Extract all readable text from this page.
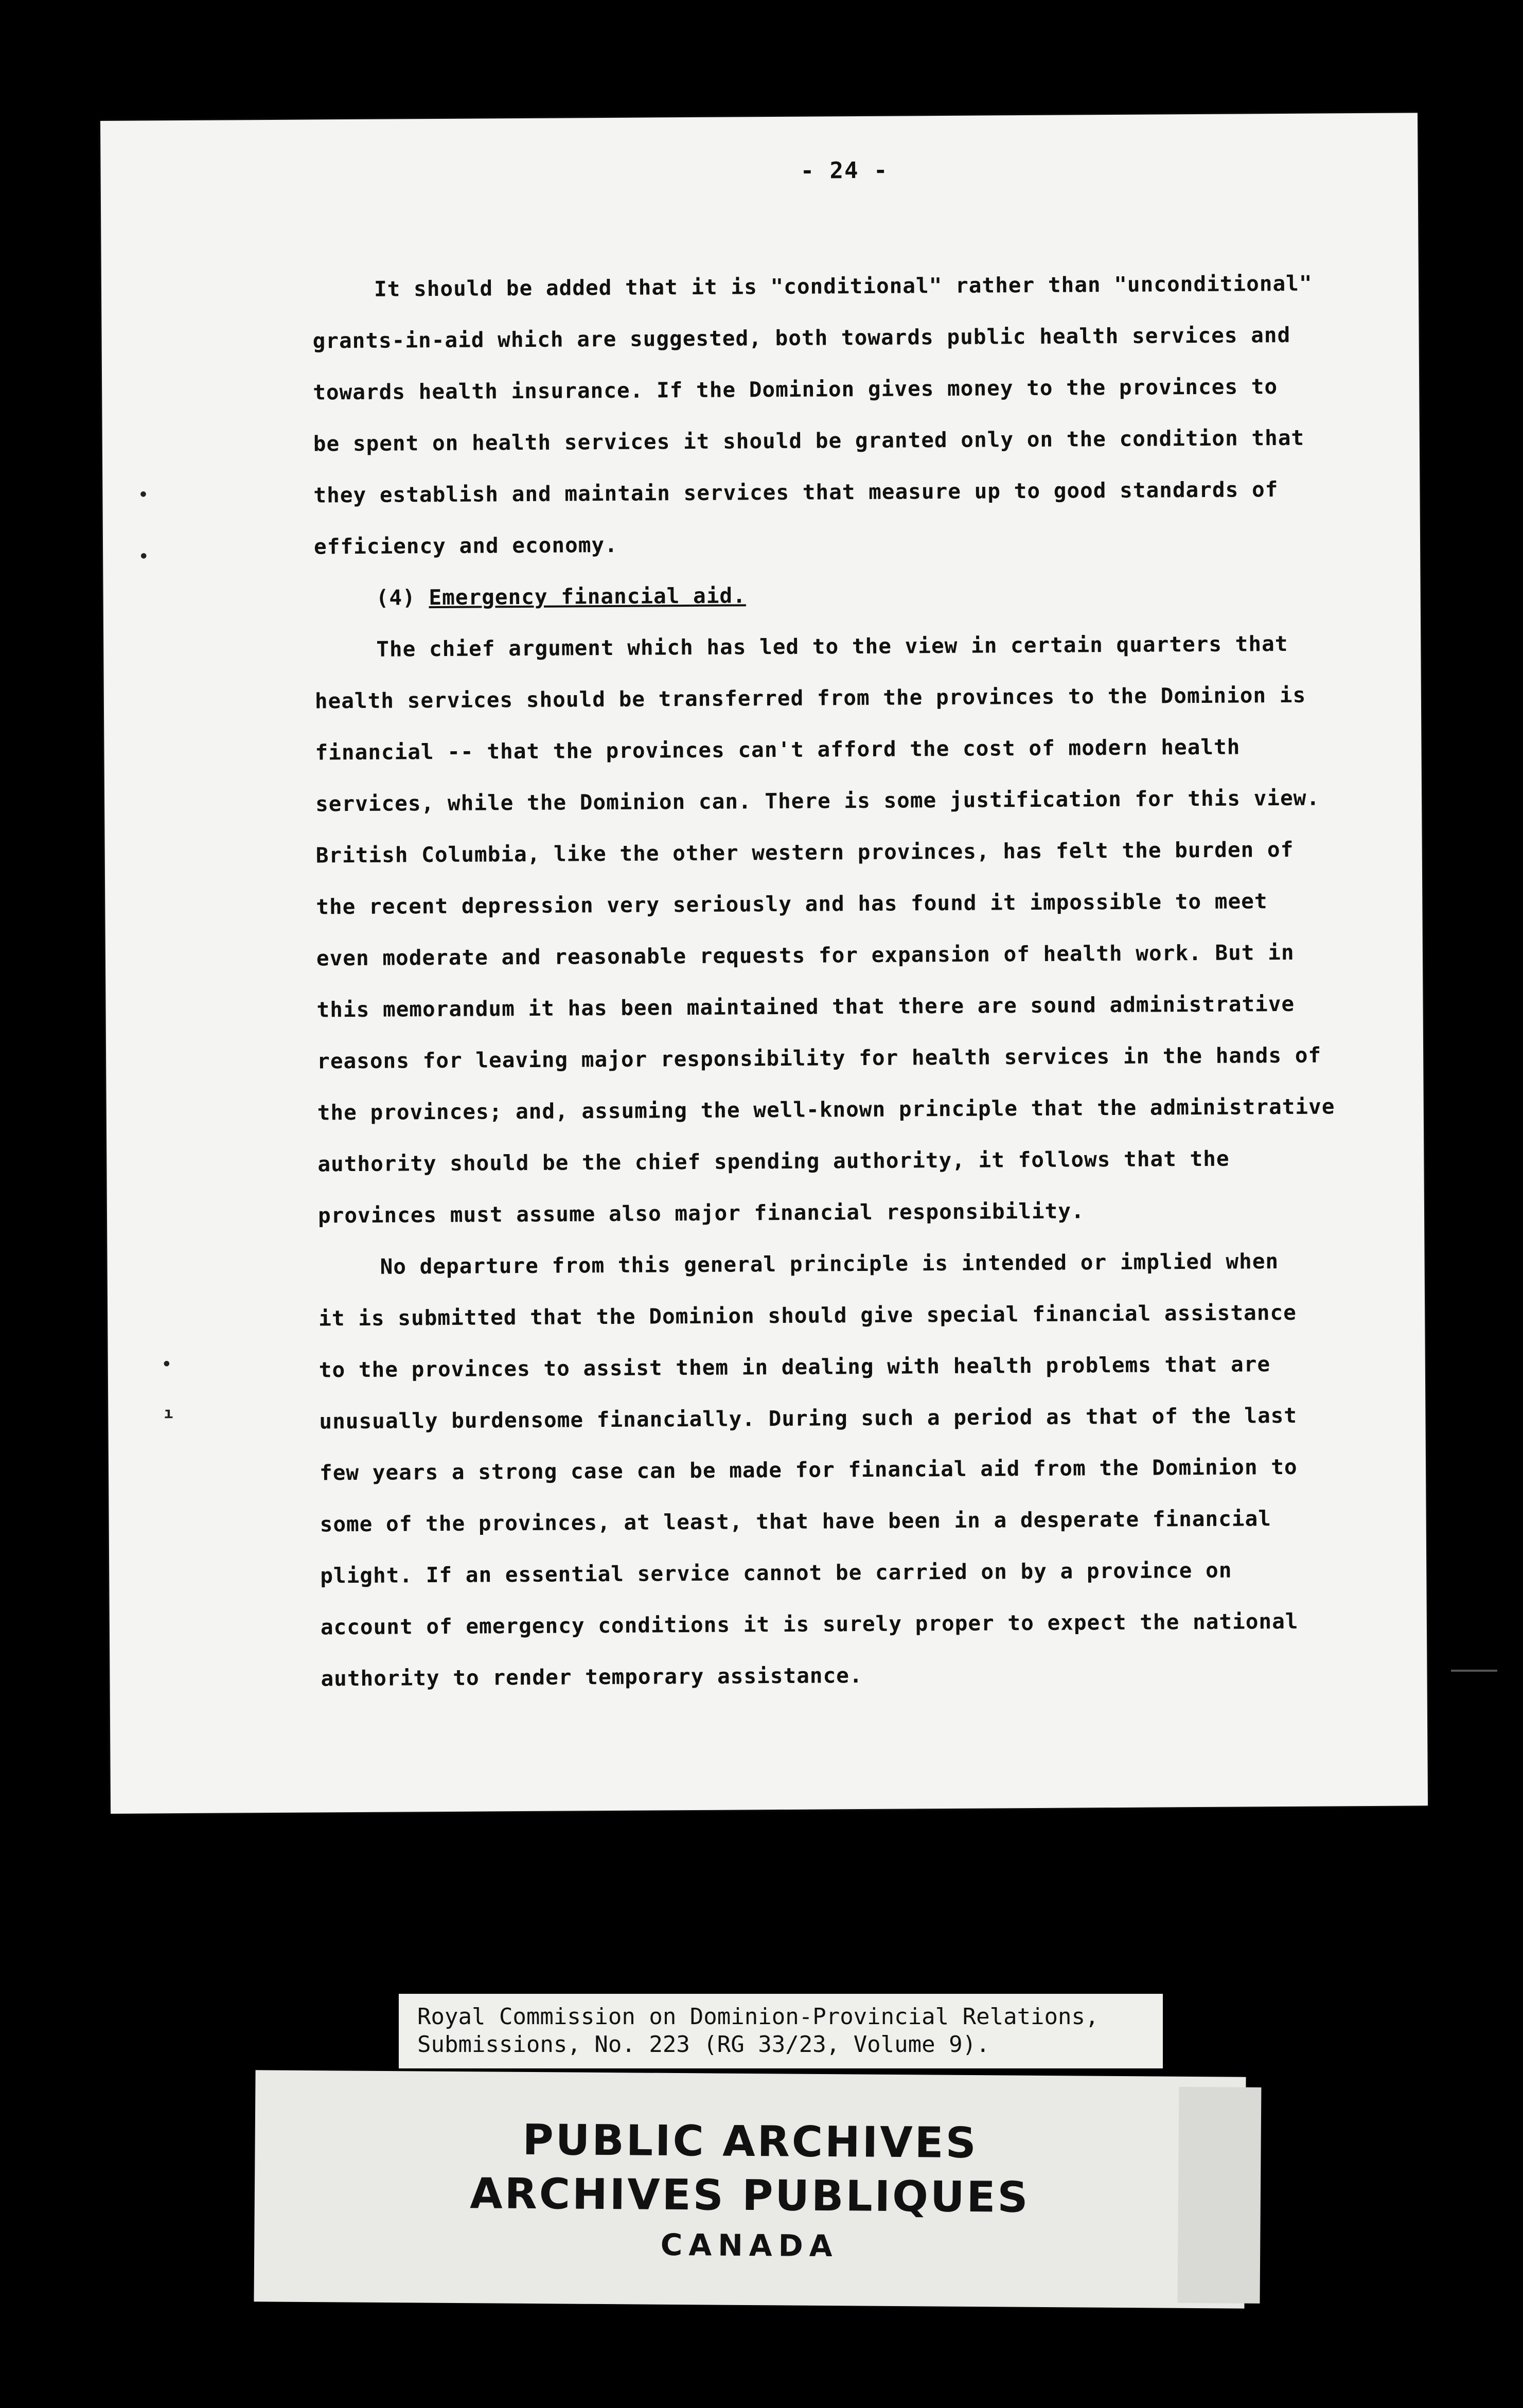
- 24 -
•
•
•
ı
It should be added that it is "conditional" rather than "unconditional"
grants-in-aid which are suggested, both towards public health services and
towards health insurance. If the Dominion gives money to the provinces to
be spent on health services it should be granted only on the condition that
they establish and maintain services that measure up to good standards of
efficiency and economy.
(4) Emergency financial aid.
The chief argument which has led to the view in certain quarters that
health services should be transferred from the provinces to the Dominion is
financial -- that the provinces can't afford the cost of modern health
services, while the Dominion can. There is some justification for this view.
British Columbia, like the other western provinces, has felt the burden of
the recent depression very seriously and has found it impossible to meet
even moderate and reasonable requests for expansion of health work. But in
this memorandum it has been maintained that there are sound administrative
reasons for leaving major responsibility for health services in the hands of
the provinces; and, assuming the well-known principle that the administrative
authority should be the chief spending authority, it follows that the
provinces must assume also major financial responsibility.
No departure from this general principle is intended or implied when
it is submitted that the Dominion should give special financial assistance
to the provinces to assist them in dealing with health problems that are
unusually burdensome financially. During such a period as that of the last
few years a strong case can be made for financial aid from the Dominion to
some of the provinces, at least, that have been in a desperate financial
plight. If an essential service cannot be carried on by a province on
account of emergency conditions it is surely proper to expect the national
authority to render temporary assistance.
Royal Commission on Dominion-Provincial Relations,
Submissions, No. 223 (RG 33/23, Volume 9).
PUBLIC ARCHIVES
ARCHIVES PUBLIQUES
CANADA
